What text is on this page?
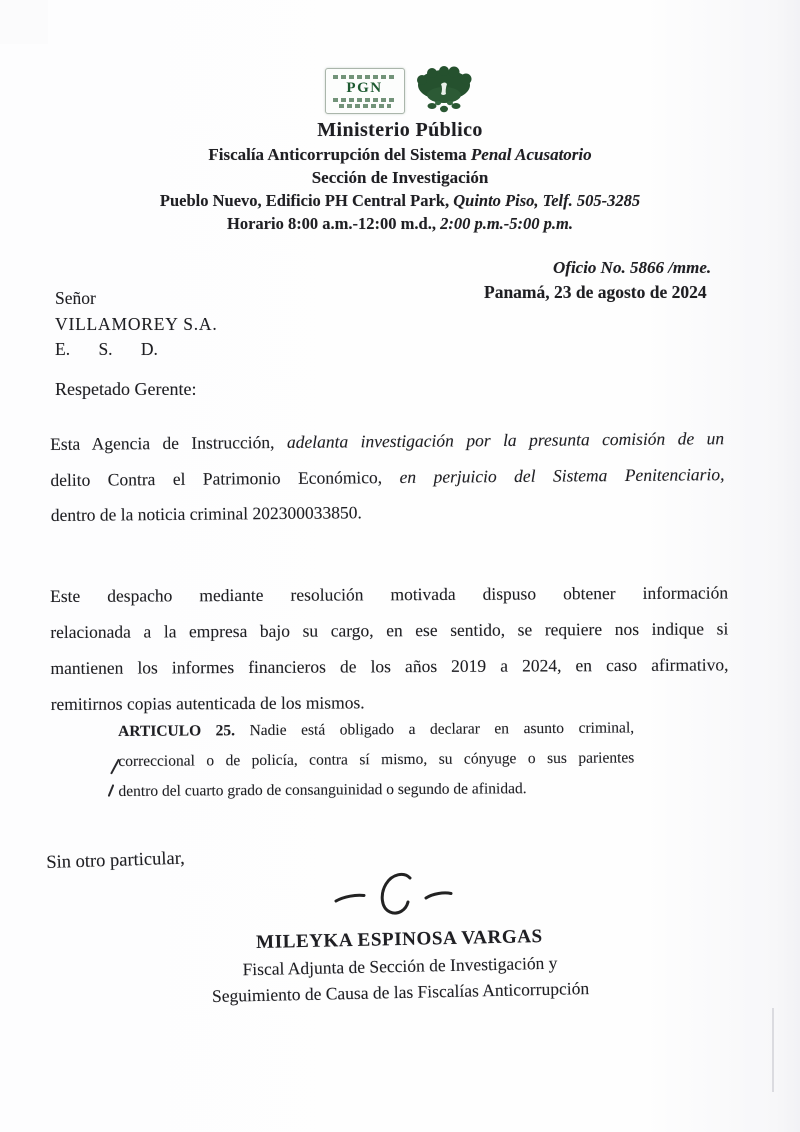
PGN
Ministerio Público
Fiscalía Anticorrupción del Sistema Penal Acusatorio
Sección de Investigación
Pueblo Nuevo, Edificio PH Central Park, Quinto Piso, Telf. 505-3285
Horario 8:00 a.m.-12:00 m.d., 2:00 p.m.-5:00 p.m.
Oficio No. 5866 /mme.
Panamá, 23 de agosto de 2024
Señor
VILLAMOREY S.A.
E. S. D.
Respetado Gerente:
Esta Agencia de Instrucción, adelanta investigación por la presunta comisión de un
delito Contra el Patrimonio Económico, en perjuicio del Sistema Penitenciario,
dentro de la noticia criminal 202300033850.
Este despacho mediante resolución motivada dispuso obtener información
relacionada a la empresa bajo su cargo, en ese sentido, se requiere nos indique si
mantienen los informes financieros de los años 2019 a 2024, en caso afirmativo,
remitirnos copias autenticada de los mismos.
ARTICULO 25. Nadie está obligado a declarar en asunto criminal,
correccional o de policía, contra sí mismo, su cónyuge o sus parientes
dentro del cuarto grado de consanguinidad o segundo de afinidad.
Sin otro particular,
MILEYKA ESPINOSA VARGAS
Fiscal Adjunta de Sección de Investigación y
Seguimiento de Causa de las Fiscalías Anticorrupción
